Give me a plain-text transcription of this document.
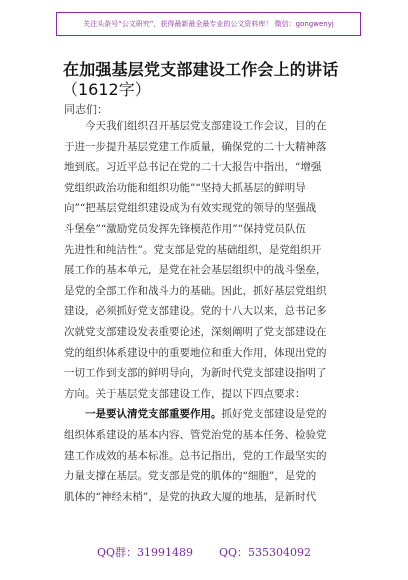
关注头条号“公文研究”，获得最新最全最专业的公文资料库！ 微信：gongwenyj
在加强基层党支部建设工作会上的讲话
（1612字）
同志们：
今天我们组织召开基层党支部建设工作会议，目的在
于进一步提升基层党建工作质量，确保党的二十大精神落
地到底。习近平总书记在党的二十大报告中指出，“增强
党组织政治功能和组织功能”“坚持大抓基层的鲜明导
向”“把基层党组织建设成为有效实现党的领导的坚强战
斗堡垒”“激励党员发挥先锋模范作用”“保持党员队伍
先进性和纯洁性”。党支部是党的基础组织，是党组织开
展工作的基本单元，是党在社会基层组织中的战斗堡垒，
是党的全部工作和战斗力的基础。因此，抓好基层党组织
建设，必须抓好党支部建设。党的十八大以来，总书记多
次就党支部建设发表重要论述，深刻阐明了党支部建设在
党的组织体系建设中的重要地位和重大作用，体现出党的
一切工作到支部的鲜明导向，为新时代党支部建设指明了
方向。关于基层党支部建设工作，提以下四点要求：
一是要认清党支部重要作用。抓好党支部建设是党的
组织体系建设的基本内容、管党治党的基本任务、检验党
建工作成效的基本标准。总书记指出，党的工作最坚实的
力量支撑在基层。党支部是党的肌体的“细胞”，是党的
肌体的“神经末梢”，是党的执政大厦的地基，是新时代
QQ群：31991489 QQ：535304092
